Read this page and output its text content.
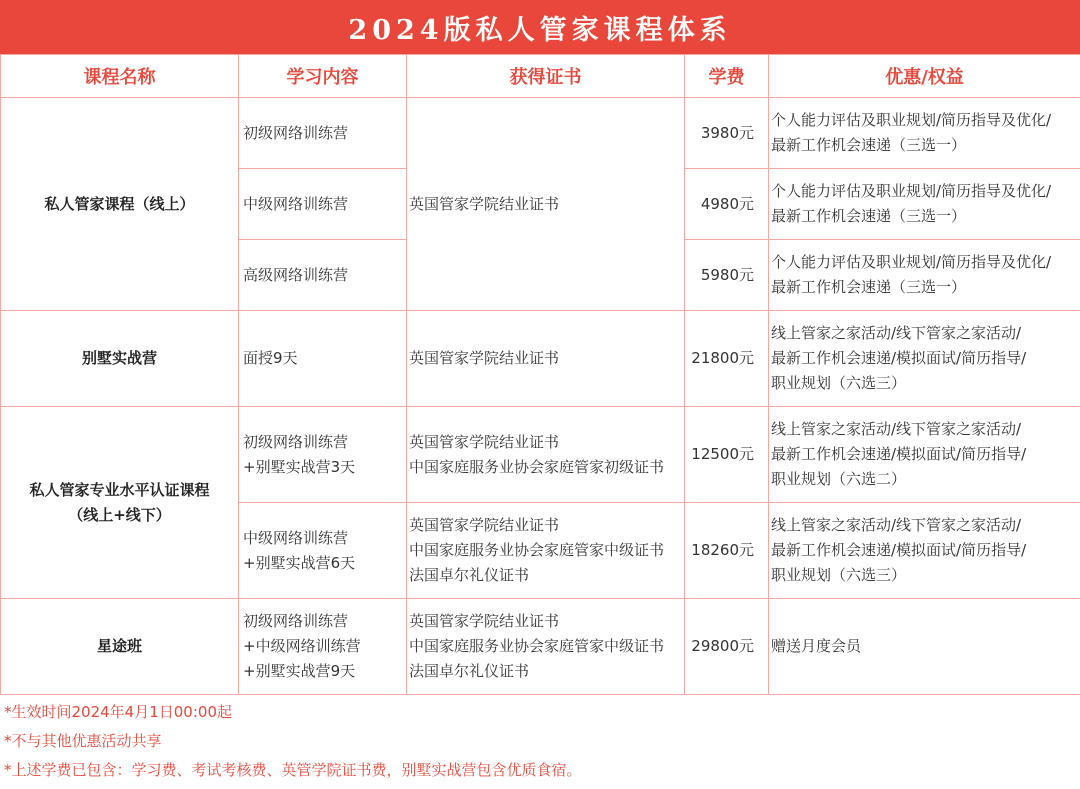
2024版私人管家课程体系
课程名称	学习内容	获得证书	学费	优惠/权益

私人管家课程（线上）	初级网络训练营	英国管家学院结业证书	3980元	个人能力评估及职业规划/简历指导及优化/
最新工作机会速递（三选一）

	中级网络训练营		4980元	个人能力评估及职业规划/简历指导及优化/
最新工作机会速递（三选一）

	高级网络训练营		5980元	个人能力评估及职业规划/简历指导及优化/
最新工作机会速递（三选一）

别墅实战营	面授9天	英国管家学院结业证书	21800元	线上管家之家活动/线下管家之家活动/
最新工作机会速递/模拟面试/简历指导/
职业规划（六选三）

私人管家专业水平认证课程
（线上+线下）	初级网络训练营
+别墅实战营3天	英国管家学院结业证书
中国家庭服务业协会家庭管家初级证书	12500元	线上管家之家活动/线下管家之家活动/
最新工作机会速递/模拟面试/简历指导/
职业规划（六选二）

	中级网络训练营
+别墅实战营6天	英国管家学院结业证书
中国家庭服务业协会家庭管家中级证书
法国卓尔礼仪证书	18260元	线上管家之家活动/线下管家之家活动/
最新工作机会速递/模拟面试/简历指导/
职业规划（六选三）

星途班	初级网络训练营
+中级网络训练营
+别墅实战营9天	英国管家学院结业证书
中国家庭服务业协会家庭管家中级证书
法国卓尔礼仪证书	29800元	赠送月度会员
*生效时间2024年4月1日00:00起
*不与其他优惠活动共享
*上述学费已包含：学习费、考试考核费、英管学院证书费，别墅实战营包含优质食宿。
